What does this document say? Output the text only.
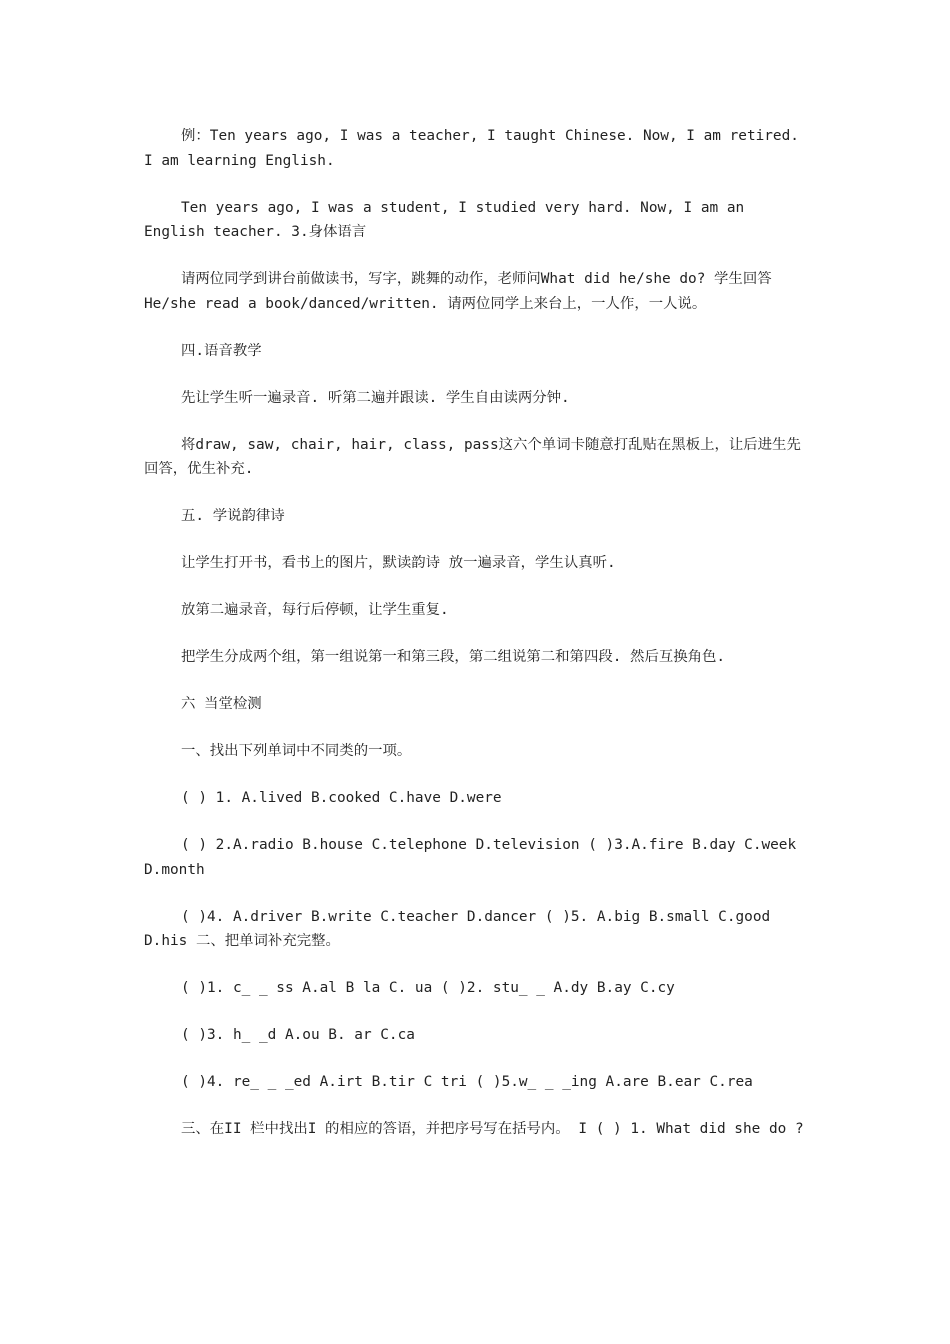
例：Ten years ago, I was a teacher, I taught Chinese. Now, I am retired. I am learning English.

Ten years ago, I was a student, I studied very hard. Now, I am an English teacher. 3.身体语言

请两位同学到讲台前做读书，写字，跳舞的动作，老师问What did he/she do? 学生回答He/she read a book/danced/written. 请两位同学上来台上，一人作，一人说。

四.语音教学

先让学生听一遍录音. 听第二遍并跟读. 学生自由读两分钟.

将draw, saw, chair, hair, class, pass这六个单词卡随意打乱贴在黑板上，让后进生先回答，优生补充.

五. 学说韵律诗

让学生打开书，看书上的图片，默读韵诗 放一遍录音，学生认真听.

放第二遍录音，每行后停顿，让学生重复.

把学生分成两个组，第一组说第一和第三段，第二组说第二和第四段. 然后互换角色.

六 当堂检测

一、找出下列单词中不同类的一项。

( ) 1. A.lived B.cooked C.have D.were

( ) 2.A.radio B.house C.telephone D.television ( )3.A.fire B.day C.week D.month

( )4. A.driver B.write C.teacher D.dancer ( )5. A.big B.small C.good D.his 二、把单词补充完整。

( )1. c_ _ ss A.al B la C. ua ( )2. stu_ _ A.dy B.ay C.cy

( )3. h_ _d A.ou B. ar C.ca

( )4. re_ _ _ed A.irt B.tir C tri ( )5.w_ _ _ing A.are B.ear C.rea

三、在II 栏中找出I 的相应的答语，并把序号写在括号内。 I ( ) 1. What did she do ?
